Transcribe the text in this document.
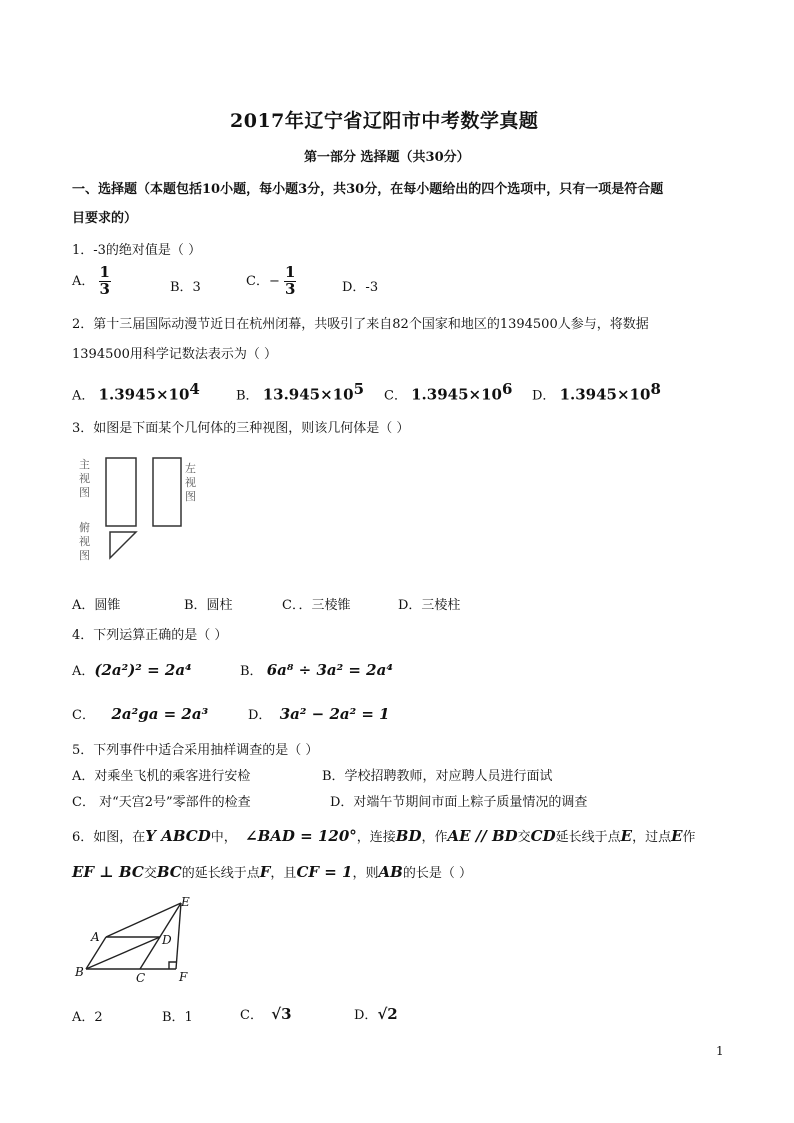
2017年辽宁省辽阳市中考数学真题
第一部分 选择题（共30分）
一、选择题（本题包括10小题，每小题3分，共30分，在每小题给出的四个选项中，只有一项是符合题
目要求的）
1．-3的绝对值是（ ）
A． $\frac{1}{3}$	B．3	C．− $\frac{1}{3}$	D．-3
2．第十三届国际动漫节近日在杭州闭幕，共吸引了来自82个国家和地区的1394500人参与，将数据
1394500用科学记数法表示为（ ）
A． $1.3945\times 10^4$	B． $13.945\times 10^5$ C． $1.3945\times 10^6$ D． $1.3945\times 10^8$
3．如图是下面某个几何体的三种视图，则该几何体是（ ）
主视图
左视图
俯视图
A．圆锥	B．圆柱	C．．三棱锥	D．三棱柱
4．下列运算正确的是（ ）
A．(2a²)² = 2a⁴	B． 6a⁸ ÷ 3a² = 2a⁴
C． 2a²ga = 2a³	D． 3a² − 2a² = 1
5．下列事件中适合采用抽样调查的是（ ）
A．对乘坐飞机的乘客进行安检	B．学校招聘教师，对应聘人员进行面试
C． 对“天宫2号”零部件的检查	D．对端午节期间市面上粽子质量情况的调查
6．如图，在Y ABCD中， ∠BAD = 120°，连接BD，作AE // BD交CD延长线于点E，过点E作
EF ⊥ BC交BC的延长线于点F，且CF = 1，则AB的长是（ ）
A
B	C
D
E
F
A．2	B．1	C． √3	D．√2
1
